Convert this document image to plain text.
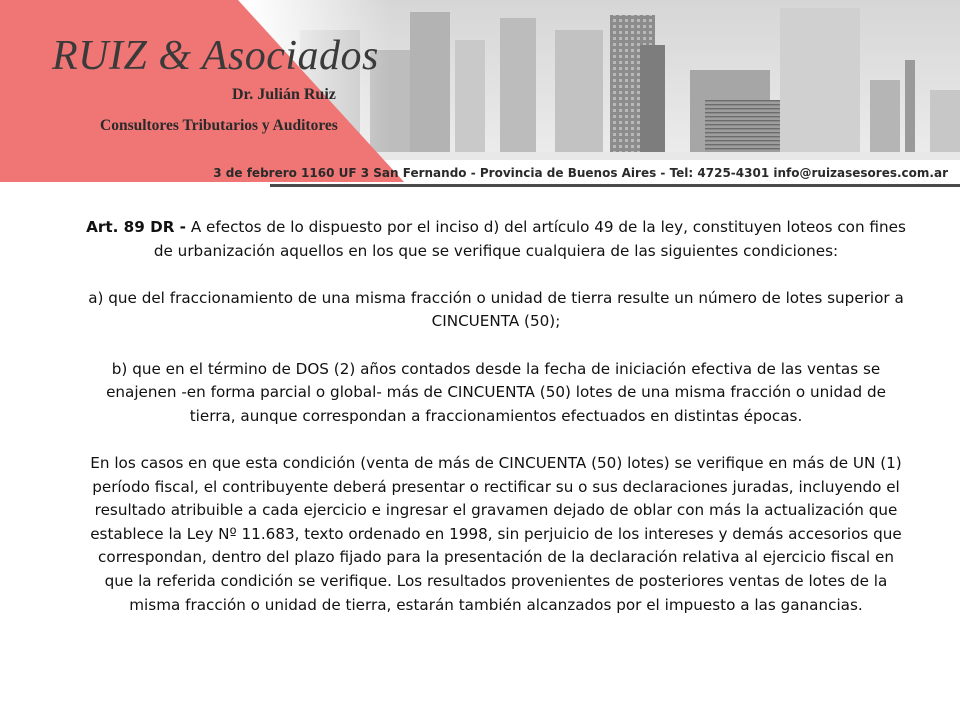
RUIZ & Asociados
Dr. Julián Ruiz
Consultores Tributarios y Auditores
3 de febrero 1160 UF 3 San Fernando - Provincia de Buenos Aires - Tel: 4725-4301 info@ruizasesores.com.ar

Art. 89 DR - A efectos de lo dispuesto por el inciso d) del artículo 49 de la ley, constituyen loteos con fines de urbanización aquellos en los que se verifique cualquiera de las siguientes condiciones:

a) que del fraccionamiento de una misma fracción o unidad de tierra resulte un número de lotes superior a CINCUENTA (50);

b) que en el término de DOS (2) años contados desde la fecha de iniciación efectiva de las ventas se enajenen -en forma parcial o global- más de CINCUENTA (50) lotes de una misma fracción o unidad de tierra, aunque correspondan a fraccionamientos efectuados en distintas épocas.

En los casos en que esta condición (venta de más de CINCUENTA (50) lotes) se verifique en más de UN (1) período fiscal, el contribuyente deberá presentar o rectificar su o sus declaraciones juradas, incluyendo el resultado atribuible a cada ejercicio e ingresar el gravamen dejado de oblar con más la actualización que establece la Ley Nº 11.683, texto ordenado en 1998, sin perjuicio de los intereses y demás accesorios que correspondan, dentro del plazo fijado para la presentación de la declaración relativa al ejercicio fiscal en que la referida condición se verifique. Los resultados provenientes de posteriores ventas de lotes de la misma fracción o unidad de tierra, estarán también alcanzados por el impuesto a las ganancias.
